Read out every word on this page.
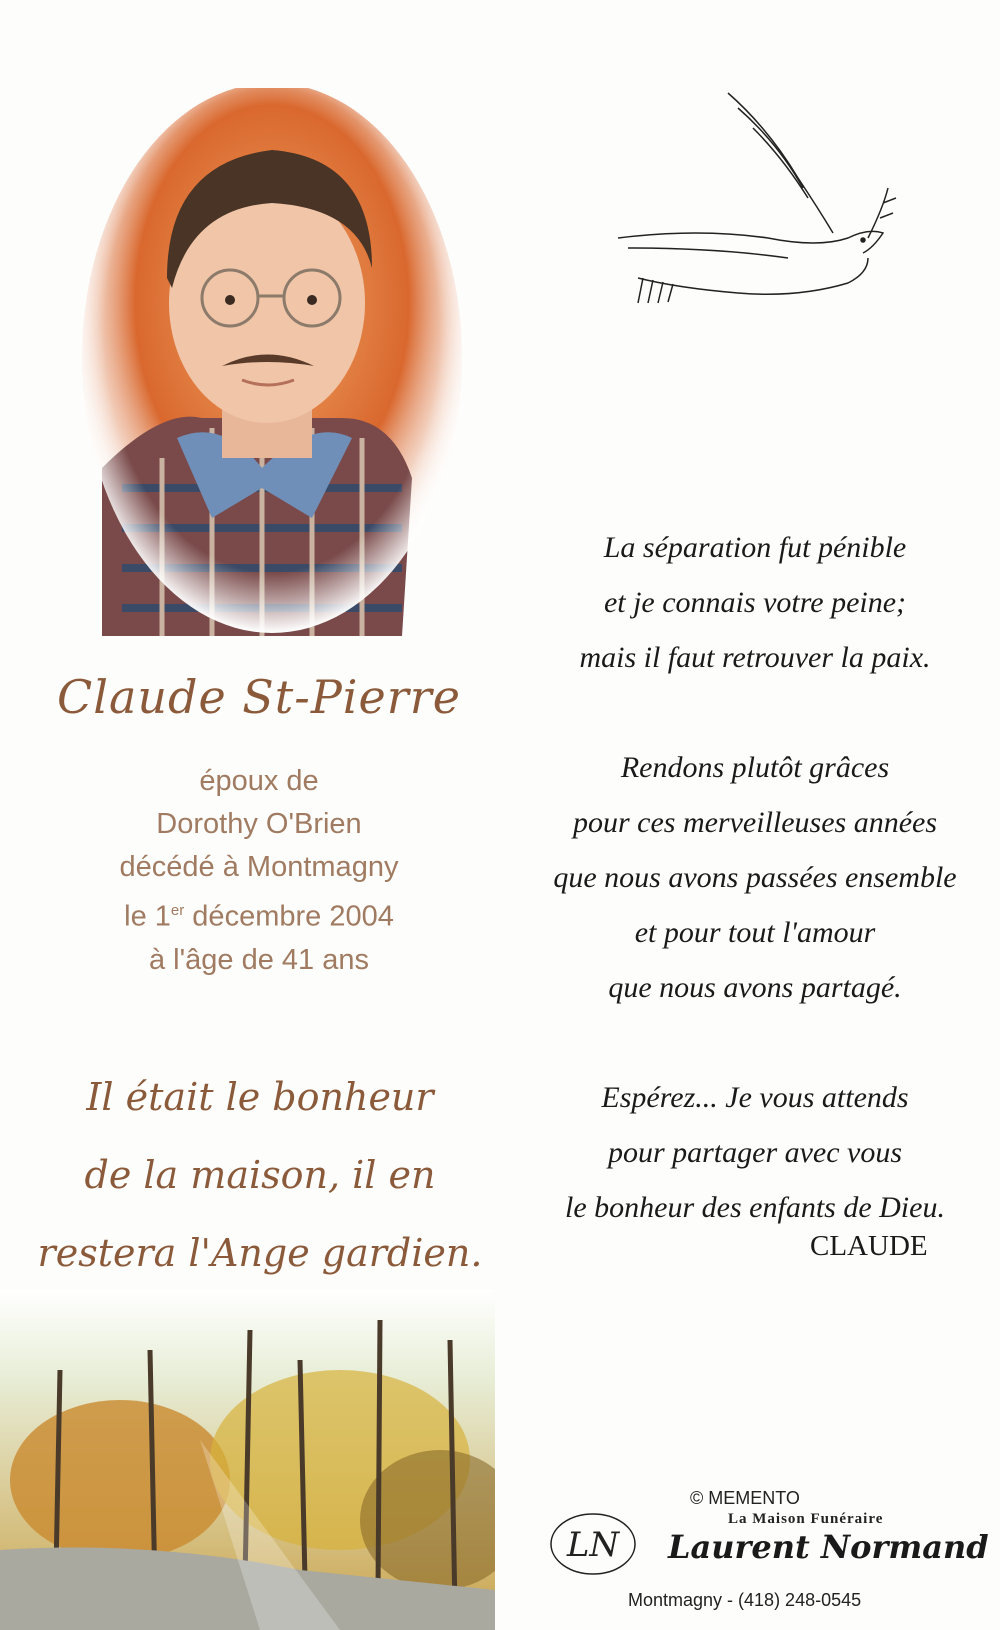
Claude St-Pierre
époux de
Dorothy O'Brien
décédé à Montmagny
le 1er décembre 2004
à l'âge de 41 ans
Il était le bonheur
de la maison, il en
restera l'Ange gardien.
La séparation fut pénible
et je connais votre peine;
mais il faut retrouver la paix.
Rendons plutôt grâces
pour ces merveilleuses années
que nous avons passées ensemble
et pour tout l'amour
que nous avons partagé.
Espérez... Je vous attends
pour partager avec vous
le bonheur des enfants de Dieu.
CLAUDE
© MEMENTO
La Maison Funéraire
LN Laurent Normand
Montmagny - (418) 248-0545
